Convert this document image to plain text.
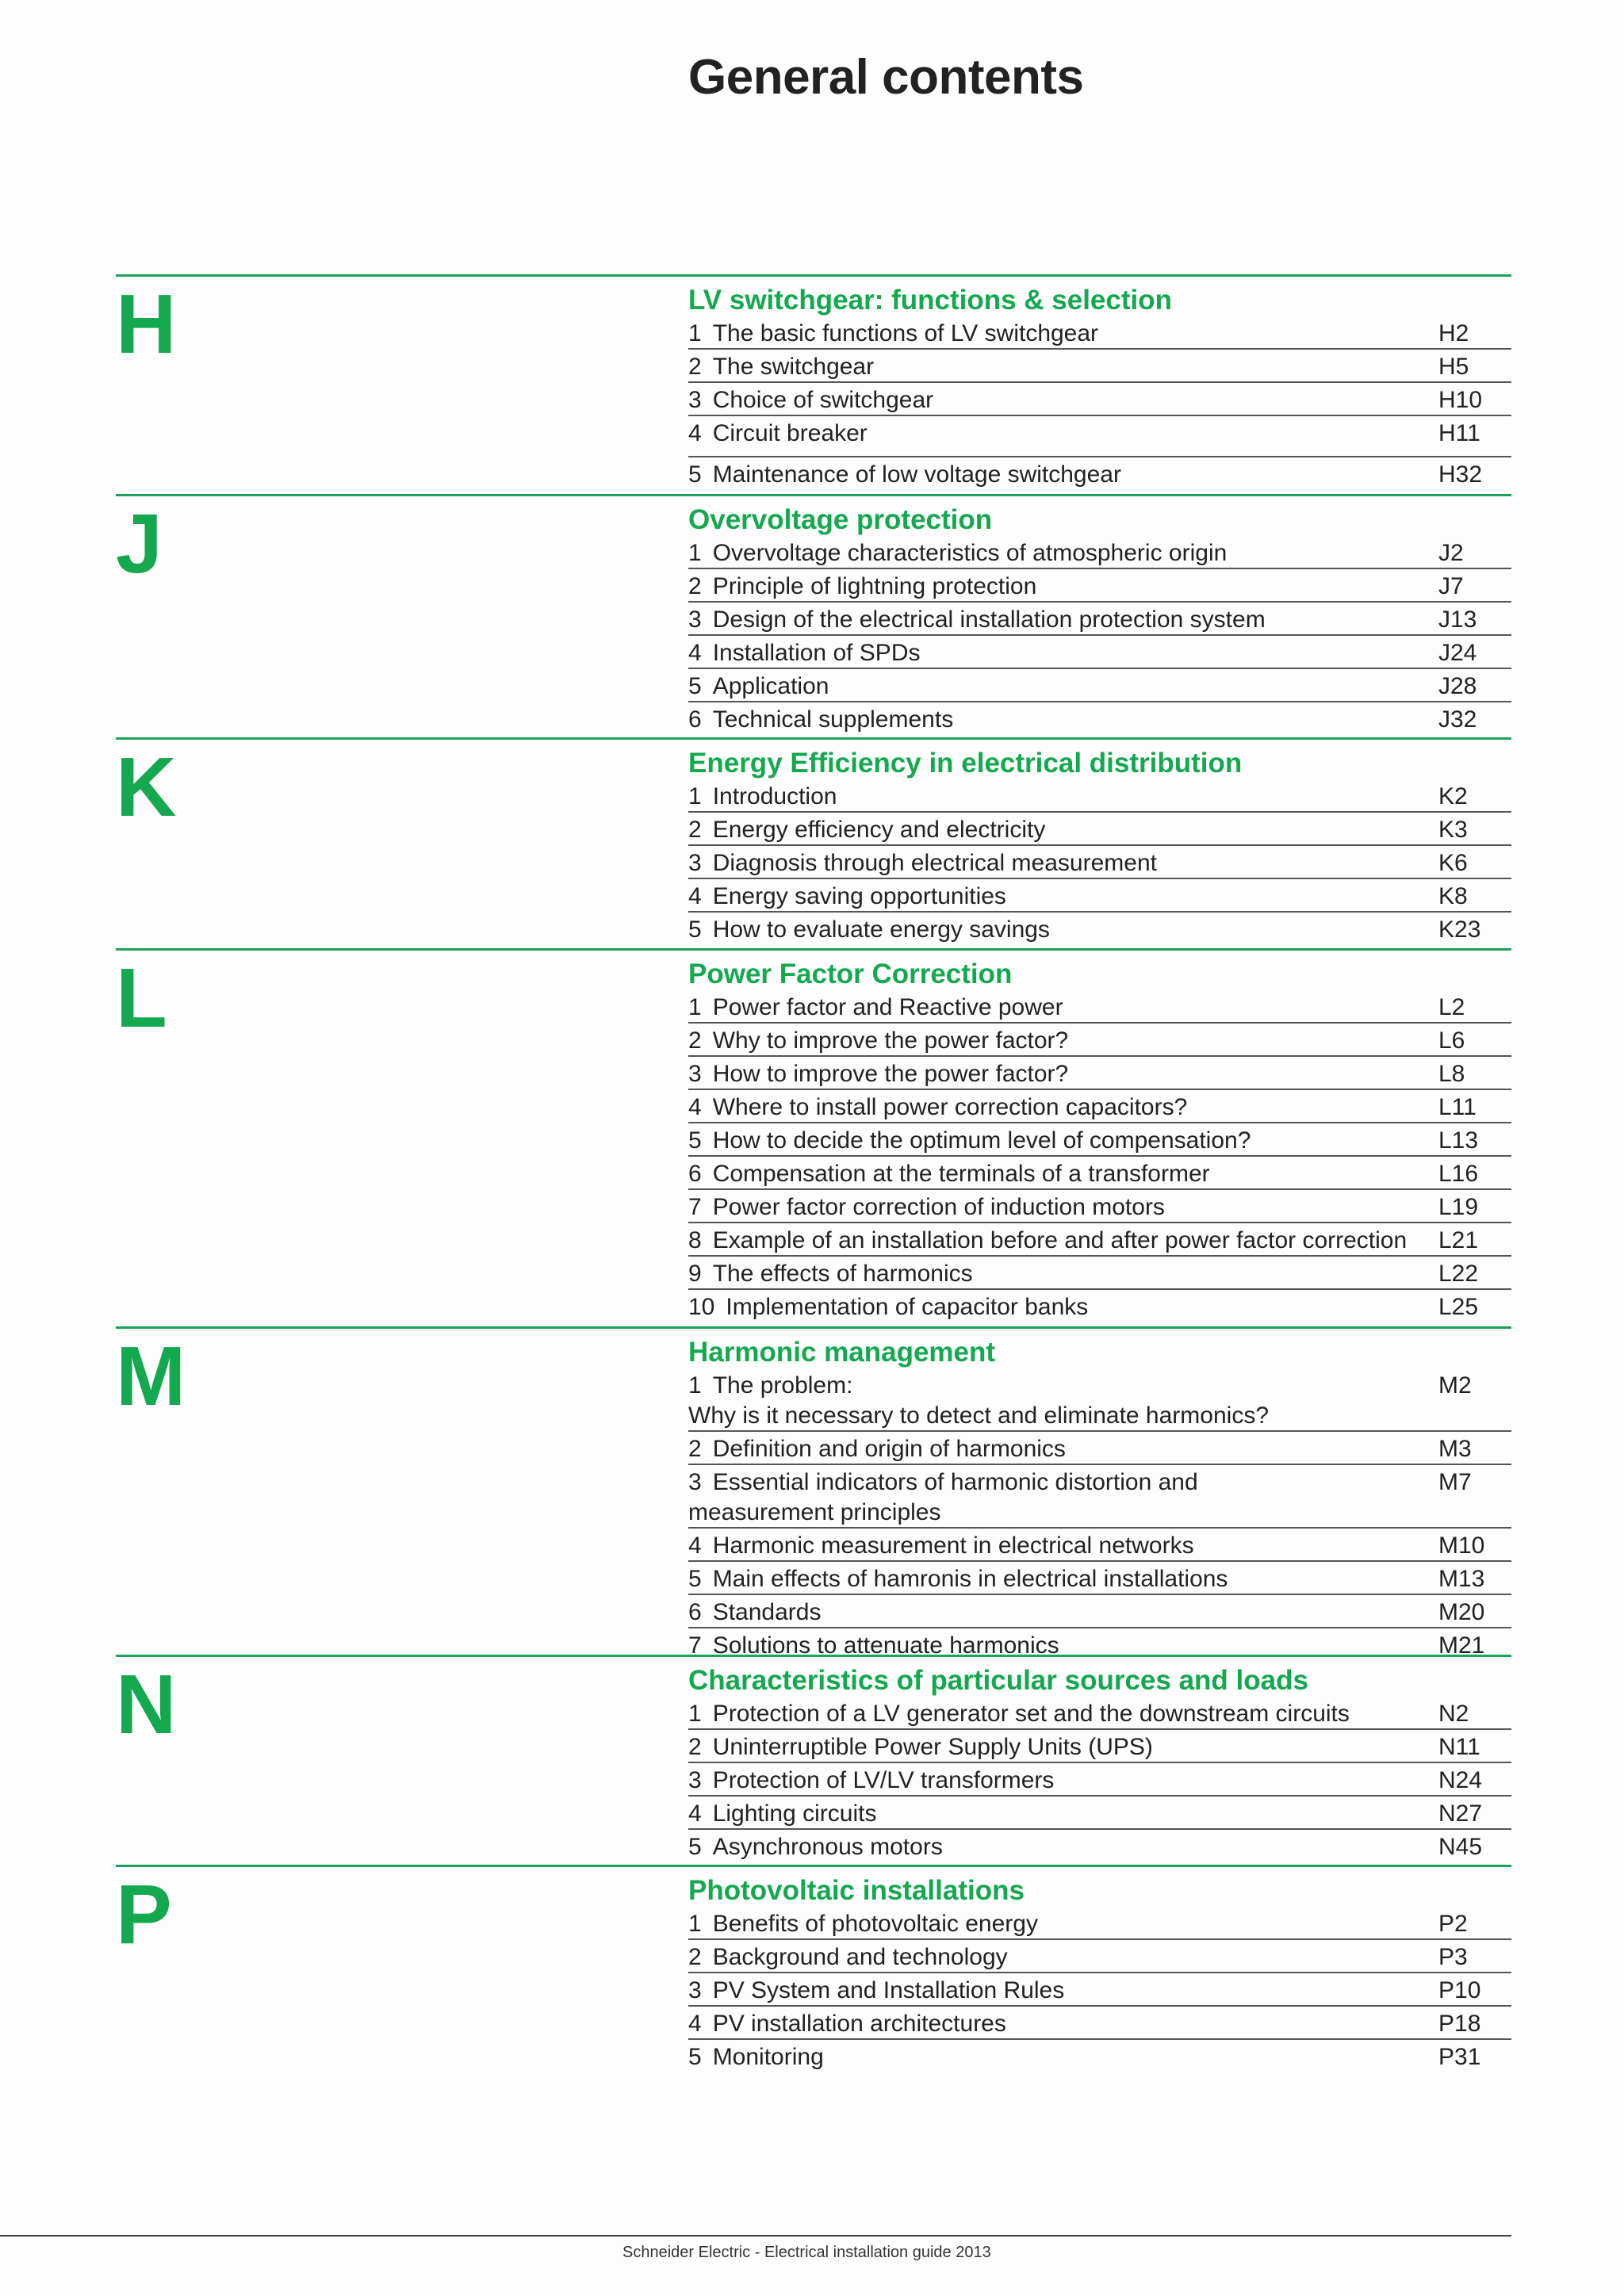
General contents
H	LV switchgear: functions & selection
1 The basic functions of LV switchgear	H2
2 The switchgear	H5
3 Choice of switchgear	H10
4 Circuit breaker	H11
5 Maintenance of low voltage switchgear	H32
J	Overvoltage protection
1 Overvoltage characteristics of atmospheric origin	J2
2 Principle of lightning protection	J7
3 Design of the electrical installation protection system	J13
4 Installation of SPDs	J24
5 Application	J28
6 Technical supplements	J32
K	Energy Efficiency in electrical distribution
1 Introduction	K2
2 Energy efficiency and electricity	K3
3 Diagnosis through electrical measurement	K6
4 Energy saving opportunities	K8
5 How to evaluate energy savings	K23
L	Power Factor Correction
1 Power factor and Reactive power	L2
2 Why to improve the power factor?	L6
3 How to improve the power factor?	L8
4 Where to install power correction capacitors?	L11
5 How to decide the optimum level of compensation?	L13
6 Compensation at the terminals of a transformer	L16
7 Power factor correction of induction motors	L19
8 Example of an installation before and after power factor correction	L21
9 The effects of harmonics	L22
10 Implementation of capacitor banks	L25
M	Harmonic management
1 The problem:
Why is it necessary to detect and eliminate harmonics?
M2
2 Definition and origin of harmonics	M3
3 Essential indicators of harmonic distortion and
measurement principles
M7
4 Harmonic measurement in electrical networks	M10
5 Main effects of hamronis in electrical installations	M13
6 Standards	M20
7 Solutions to attenuate harmonics	M21
N	Characteristics of particular sources and loads
1 Protection of a LV generator set and the downstream circuits	N2
2 Uninterruptible Power Supply Units (UPS)	N11
3 Protection of LV/LV transformers	N24
4 Lighting circuits	N27
5 Asynchronous motors	N45
P	Photovoltaic installations
1 Benefits of photovoltaic energy	P2
2 Background and technology	P3
3 PV System and Installation Rules	P10
4 PV installation architectures	P18
5 Monitoring	P31
Schneider Electric - Electrical installation guide 2013
